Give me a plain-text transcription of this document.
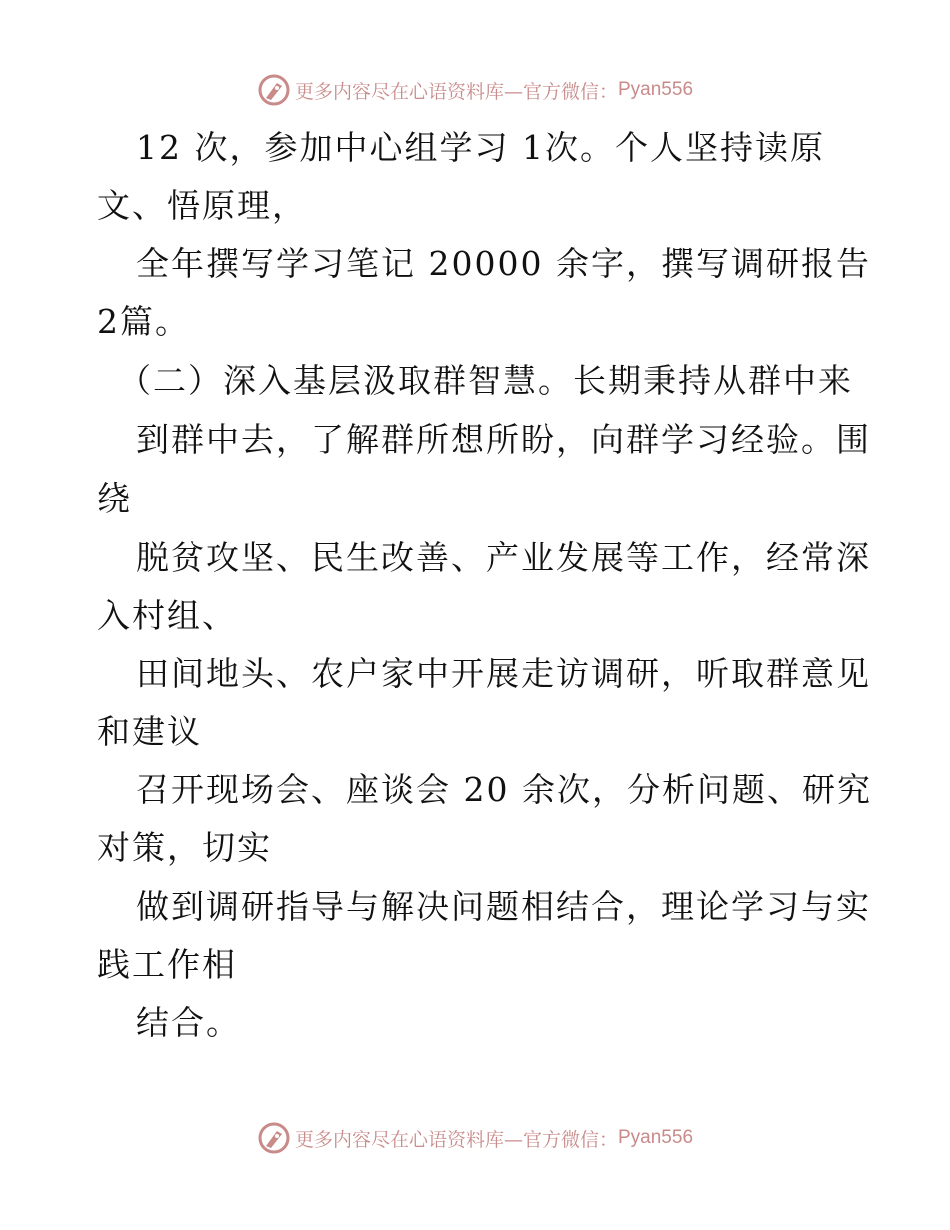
更多内容尽在心语资料库—官方微信： Pyan556
12 次，参加中心组学习 1次。个人坚持读原
文、悟原理，
全年撰写学习笔记 20000 余字，撰写调研报告
2篇。
（二）深入基层汲取群智慧。长期秉持从群中来
到群中去，了解群所想所盼，向群学习经验。围
绕
脱贫攻坚、民生改善、产业发展等工作，经常深
入村组、
田间地头、农户家中开展走访调研，听取群意见
和建议
召开现场会、座谈会 20 余次，分析问题、研究
对策，切实
做到调研指导与解决问题相结合，理论学习与实
践工作相
结合。
更多内容尽在心语资料库—官方微信： Pyan556
